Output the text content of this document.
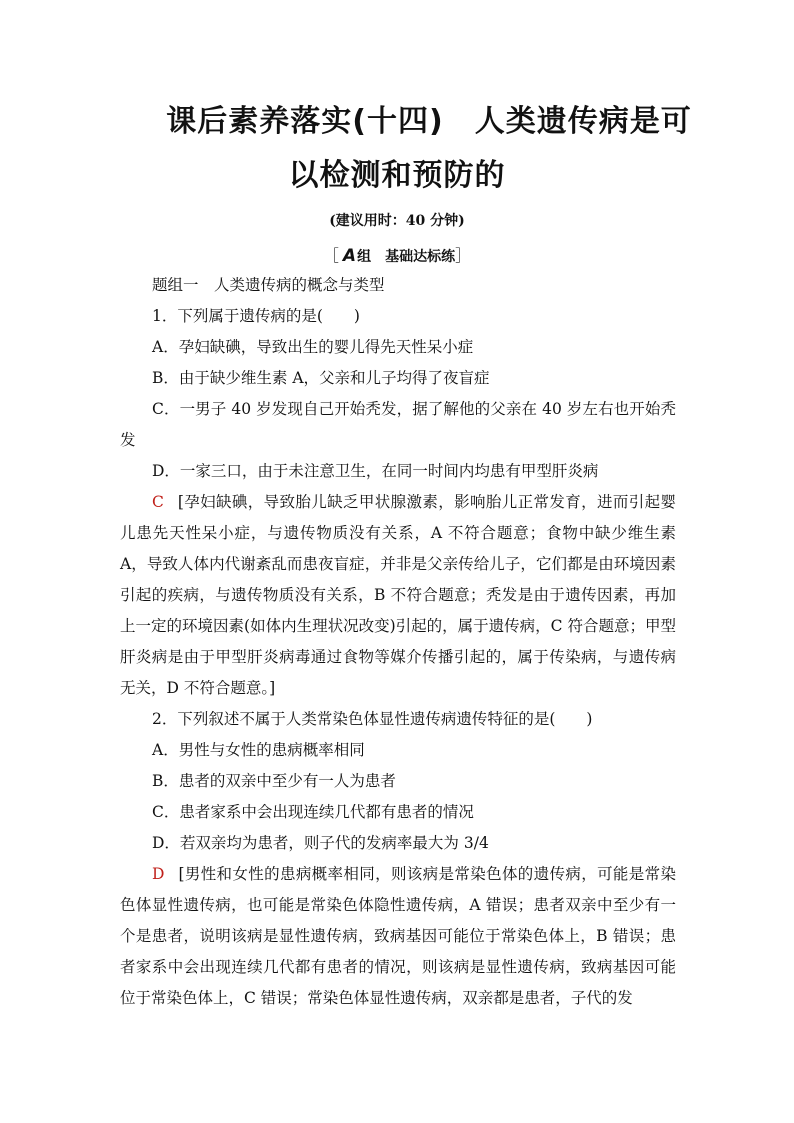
课后素养落实(十四)　人类遗传病是可
以检测和预防的
(建议用时：40 分钟)
［ A组　基础达标练］

题组一　人类遗传病的概念与类型

1．下列属于遗传病的是(　　)

A．孕妇缺碘，导致出生的婴儿得先天性呆小症

B．由于缺少维生素 A，父亲和儿子均得了夜盲症

C．一男子 40 岁发现自己开始秃发，据了解他的父亲在 40 岁左右也开始秃发

D．一家三口，由于未注意卫生，在同一时间内均患有甲型肝炎病

C [孕妇缺碘，导致胎儿缺乏甲状腺激素，影响胎儿正常发育，进而引起婴儿患先天性呆小症，与遗传物质没有关系，A 不符合题意；食物中缺少维生素 A，导致人体内代谢紊乱而患夜盲症，并非是父亲传给儿子，它们都是由环境因素引起的疾病，与遗传物质没有关系，B 不符合题意；秃发是由于遗传因素，再加上一定的环境因素(如体内生理状况改变)引起的，属于遗传病，C 符合题意；甲型肝炎病是由于甲型肝炎病毒通过食物等媒介传播引起的，属于传染病，与遗传病无关，D 不符合题意。]

2．下列叙述不属于人类常染色体显性遗传病遗传特征的是(　　)

A．男性与女性的患病概率相同

B．患者的双亲中至少有一人为患者

C．患者家系中会出现连续几代都有患者的情况

D．若双亲均为患者，则子代的发病率最大为 3/4

D [男性和女性的患病概率相同，则该病是常染色体的遗传病，可能是常染色体显性遗传病，也可能是常染色体隐性遗传病，A 错误；患者双亲中至少有一个是患者，说明该病是显性遗传病，致病基因可能位于常染色体上，B 错误；患者家系中会出现连续几代都有患者的情况，则该病是显性遗传病，致病基因可能位于常染色体上，C 错误；常染色体显性遗传病，双亲都是患者，子代的发
